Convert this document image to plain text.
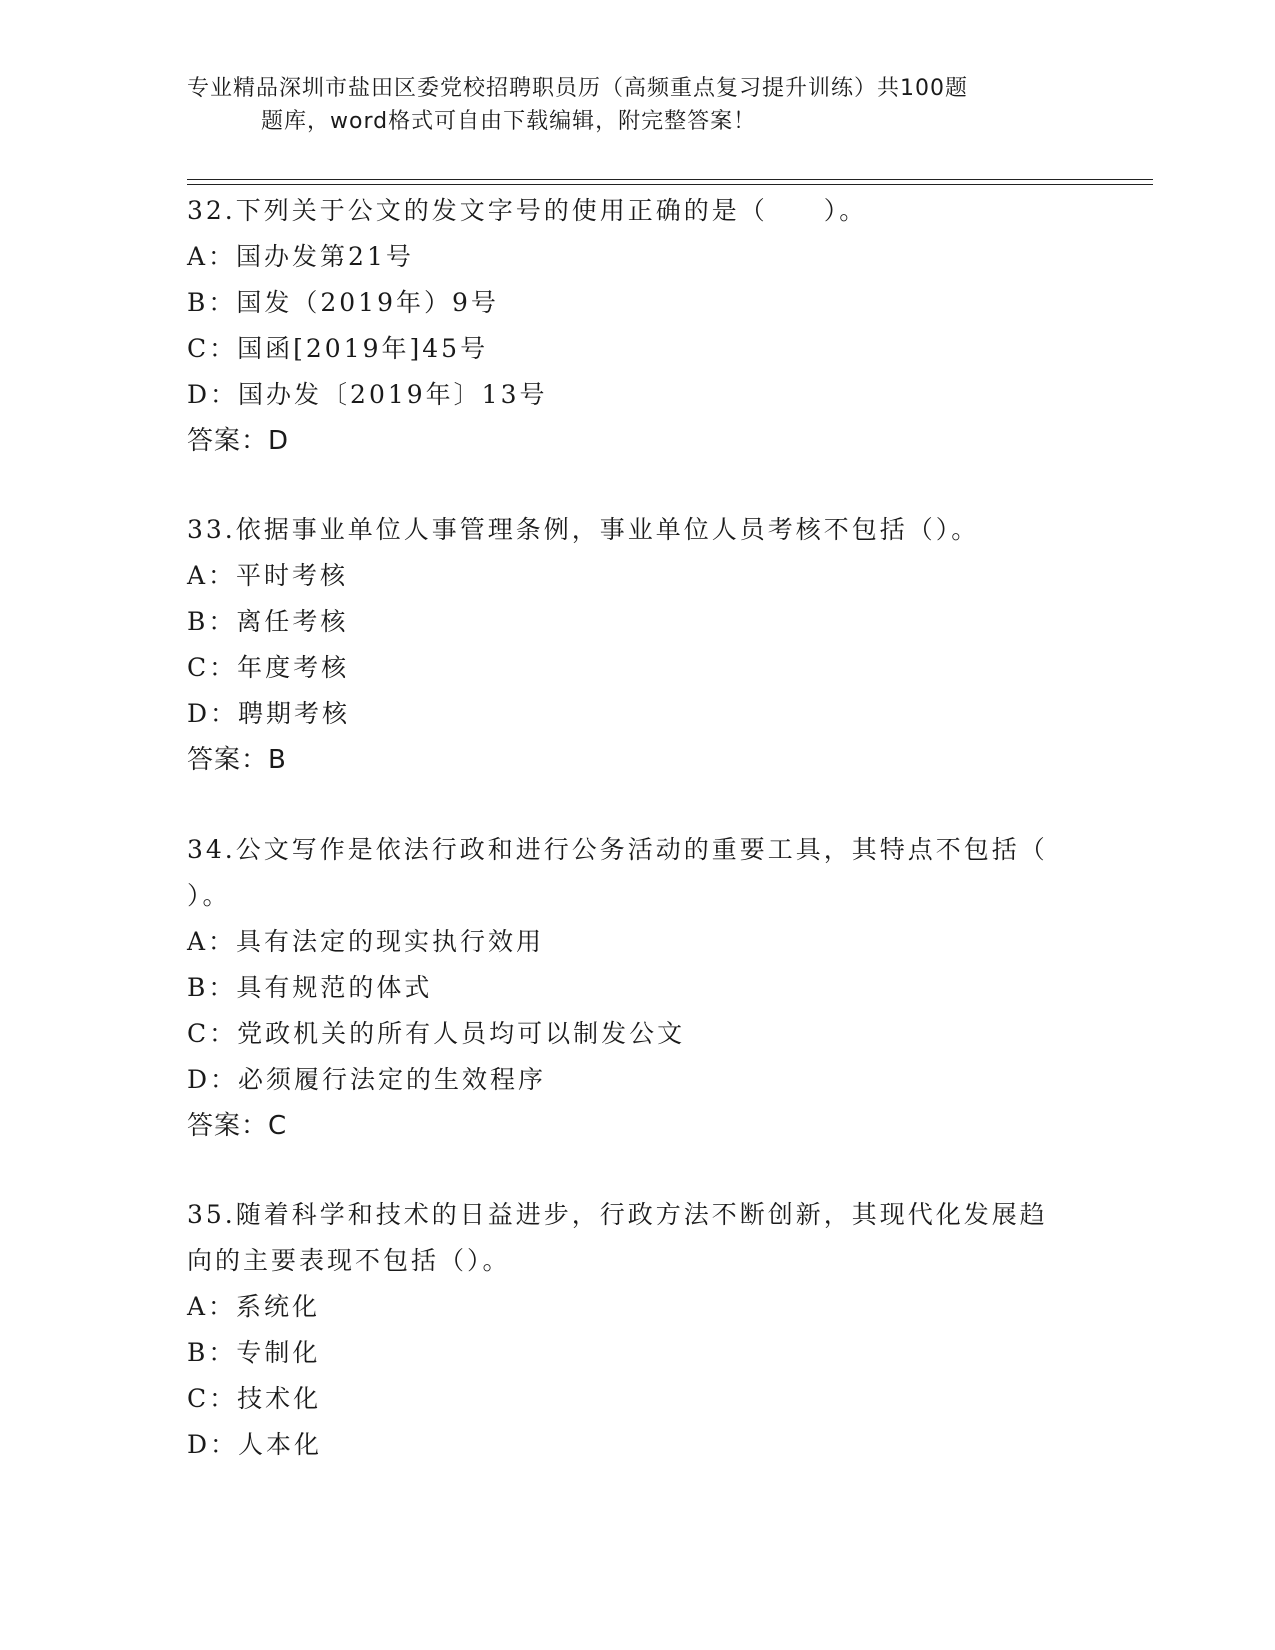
专业精品深圳市盐田区委党校招聘职员历（高频重点复习提升训练）共100题
题库，word格式可自由下载编辑，附完整答案！
32.下列关于公文的发文字号的使用正确的是（　　）。
A：国办发第21号
B：国发（2019年）9号
C：国函[2019年]45号
D：国办发〔2019年〕13号
答案：D
33.依据事业单位人事管理条例，事业单位人员考核不包括（）。
A：平时考核
B：离任考核
C：年度考核
D：聘期考核
答案：B
34.公文写作是依法行政和进行公务活动的重要工具，其特点不包括（
）。
A：具有法定的现实执行效用
B：具有规范的体式
C：党政机关的所有人员均可以制发公文
D：必须履行法定的生效程序
答案：C
35.随着科学和技术的日益进步，行政方法不断创新，其现代化发展趋
向的主要表现不包括（）。
A：系统化
B：专制化
C：技术化
D：人本化
